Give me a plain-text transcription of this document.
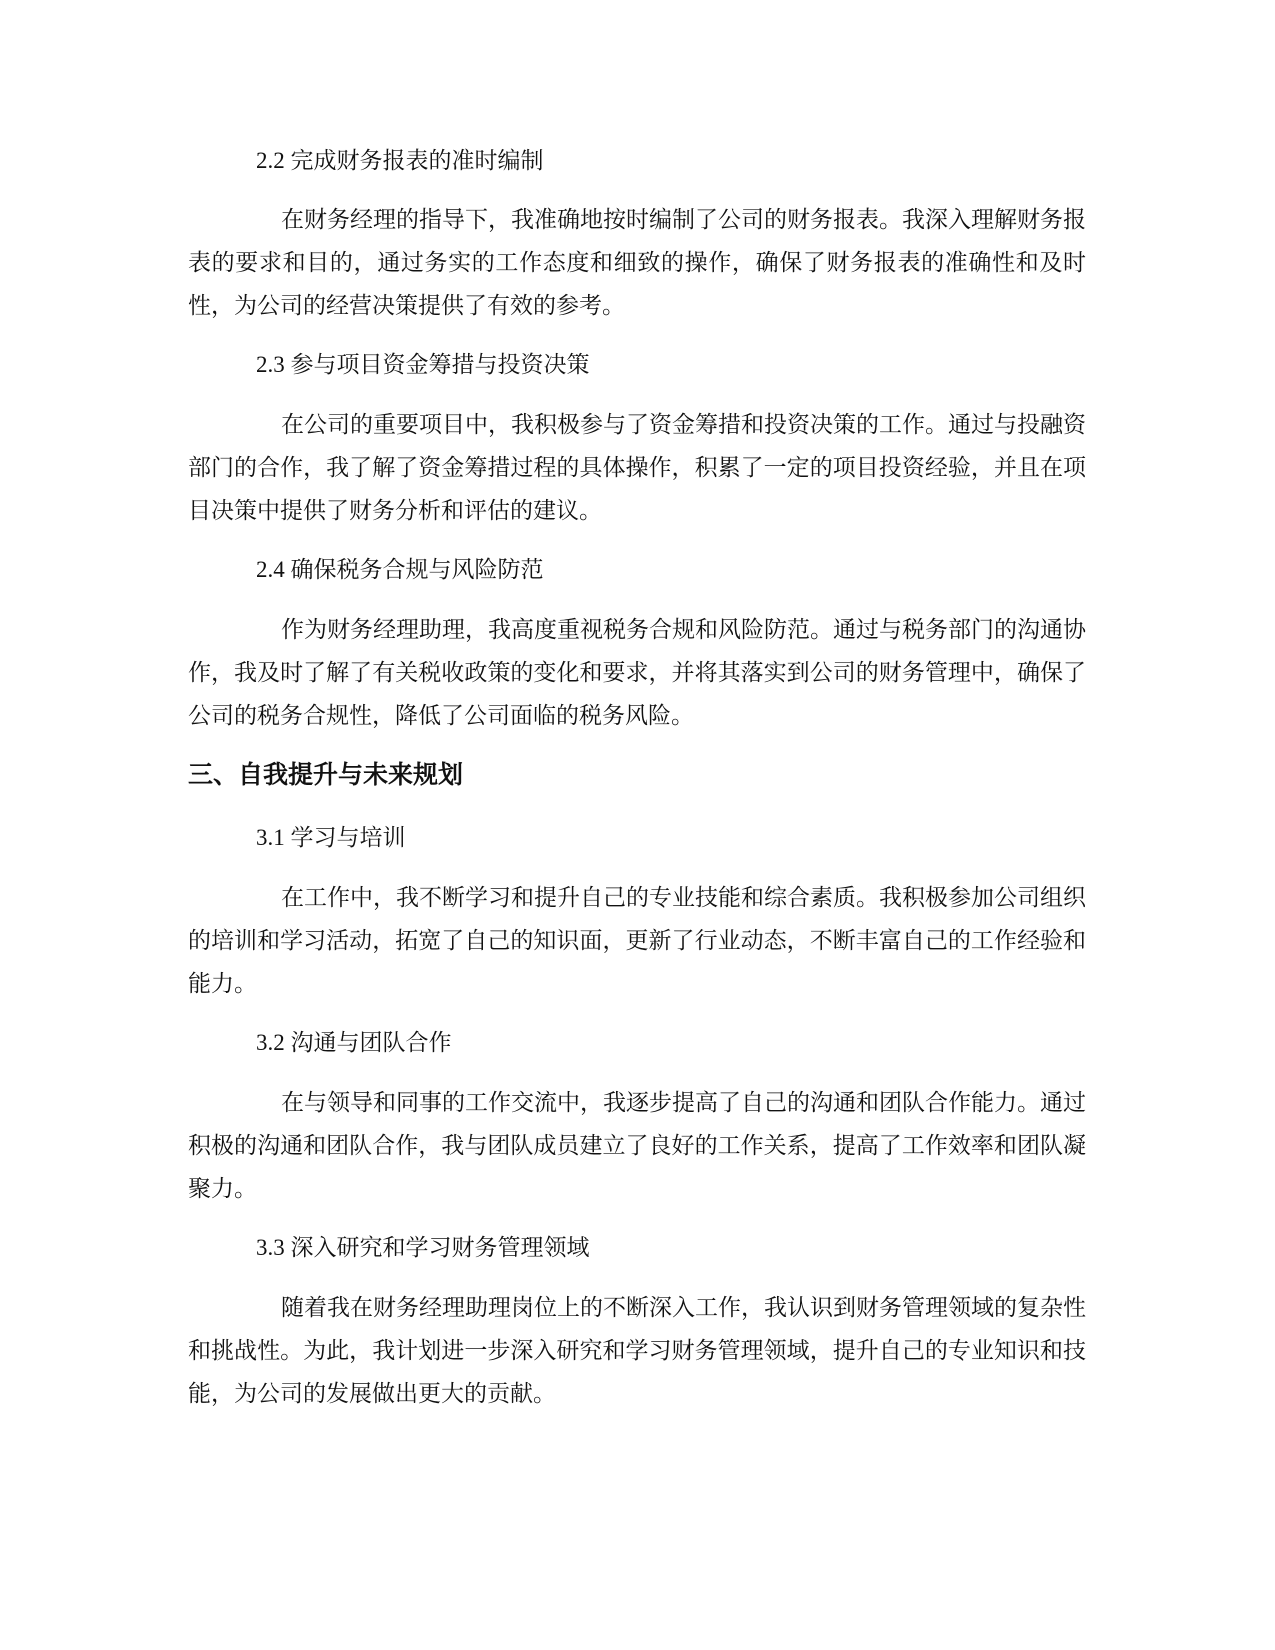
2.2 完成财务报表的准时编制

在财务经理的指导下，我准确地按时编制了公司的财务报表。我深入理解财务报表的要求和目的，通过务实的工作态度和细致的操作，确保了财务报表的准确性和及时性，为公司的经营决策提供了有效的参考。

2.3 参与项目资金筹措与投资决策

在公司的重要项目中，我积极参与了资金筹措和投资决策的工作。通过与投融资部门的合作，我了解了资金筹措过程的具体操作，积累了一定的项目投资经验，并且在项目决策中提供了财务分析和评估的建议。

2.4 确保税务合规与风险防范

作为财务经理助理，我高度重视税务合规和风险防范。通过与税务部门的沟通协作，我及时了解了有关税收政策的变化和要求，并将其落实到公司的财务管理中，确保了公司的税务合规性，降低了公司面临的税务风险。

三、自我提升与未来规划
3.1 学习与培训

在工作中，我不断学习和提升自己的专业技能和综合素质。我积极参加公司组织的培训和学习活动，拓宽了自己的知识面，更新了行业动态，不断丰富自己的工作经验和能力。

3.2 沟通与团队合作

在与领导和同事的工作交流中，我逐步提高了自己的沟通和团队合作能力。通过积极的沟通和团队合作，我与团队成员建立了良好的工作关系，提高了工作效率和团队凝聚力。

3.3 深入研究和学习财务管理领域

随着我在财务经理助理岗位上的不断深入工作，我认识到财务管理领域的复杂性和挑战性。为此，我计划进一步深入研究和学习财务管理领域，提升自己的专业知识和技能，为公司的发展做出更大的贡献。
